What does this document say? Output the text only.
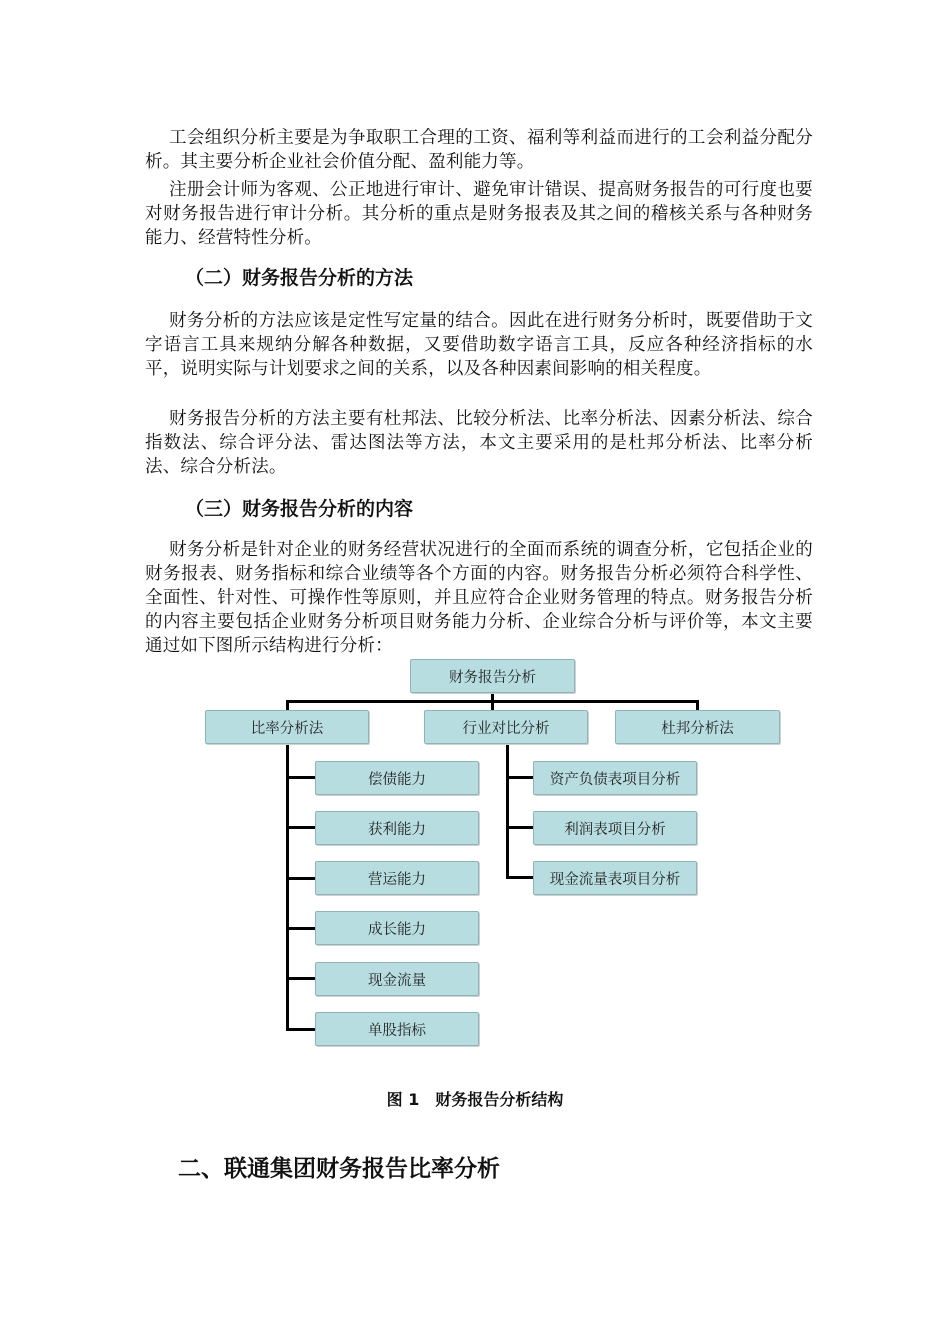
工会组织分析主要是为争取职工合理的工资、福利等利益而进行的工会利益分配分析。其主要分析企业社会价值分配、盈利能力等。

注册会计师为客观、公正地进行审计、避免审计错误、提高财务报告的可行度也要对财务报告进行审计分析。其分析的重点是财务报表及其之间的稽核关系与各种财务能力、经营特性分析。

（二）财务报告分析的方法

财务分析的方法应该是定性写定量的结合。因此在进行财务分析时，既要借助于文字语言工具来规纳分解各种数据，又要借助数字语言工具，反应各种经济指标的水平，说明实际与计划要求之间的关系，以及各种因素间影响的相关程度。

财务报告分析的方法主要有杜邦法、比较分析法、比率分析法、因素分析法、综合指数法、综合评分法、雷达图法等方法，本文主要采用的是杜邦分析法、比率分析法、综合分析法。

（三）财务报告分析的内容

财务分析是针对企业的财务经营状况进行的全面而系统的调查分析，它包括企业的财务报表、财务指标和综合业绩等各个方面的内容。财务报告分析必须符合科学性、全面性、针对性、可操作性等原则，并且应符合企业财务管理的特点。财务报告分析的内容主要包括企业财务分析项目财务能力分析、企业综合分析与评价等，本文主要通过如下图所示结构进行分析：

财务报告分析
比率分析法	行业对比分析	杜邦分析法
偿债能力
获利能力
营运能力
成长能力
现金流量
单股指标
资产负债表项目分析
利润表项目分析
现金流量表项目分析
图 1　财务报告分析结构
二、联通集团财务报告比率分析
